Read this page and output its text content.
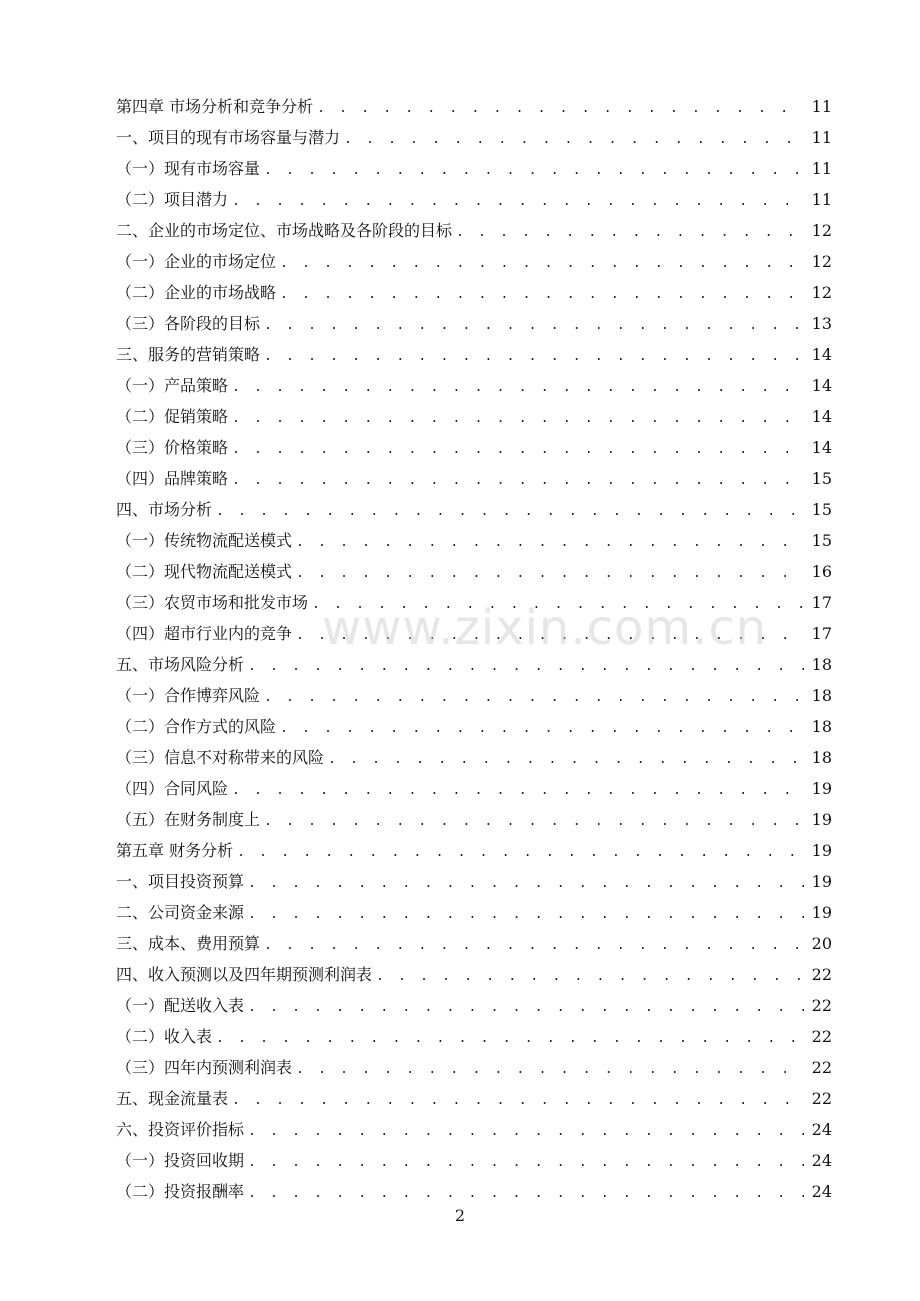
第四章 市场分析和竞争分析 . . .	11
一、项目的现有市场容量与潜力 . . .	11
（一）现有市场容量 . . .	11
（二）项目潜力 . . .	11
二、企业的市场定位、市场战略及各阶段的目标 . . .	12
（一）企业的市场定位 . . .	12
（二）企业的市场战略 . . .	12
（三）各阶段的目标 . . .	13
三、服务的营销策略 . . .	14
（一）产品策略 . . .	14
（二）促销策略 . . .	14
（三）价格策略 . . .	14
（四）品牌策略 . . .	15
四、市场分析 . . .	15
（一）传统物流配送模式 . . .	15
（二）现代物流配送模式 . . .	16
（三）农贸市场和批发市场 . . .	17
（四）超市行业内的竞争 . . .	17
五、市场风险分析 . . .	18
（一）合作博弈风险 . . .	18
（二）合作方式的风险 . . .	18
（三）信息不对称带来的风险 . . .	18
（四）合同风险 . . .	19
（五）在财务制度上 . . .	19
第五章 财务分析 . . .	19
一、项目投资预算 . . .	19
二、公司资金来源 . . .	19
三、成本、费用预算 . . .	20
四、收入预测以及四年期预测利润表 . . .	22
（一）配送收入表 . . .	22
（二）收入表 . . .	22
（三）四年内预测利润表 . . .	22
五、现金流量表 . . .	22
六、投资评价指标 . . .	24
（一）投资回收期 . . .	24
（二）投资报酬率 . . .	24
www.zixin.com.cn
2
